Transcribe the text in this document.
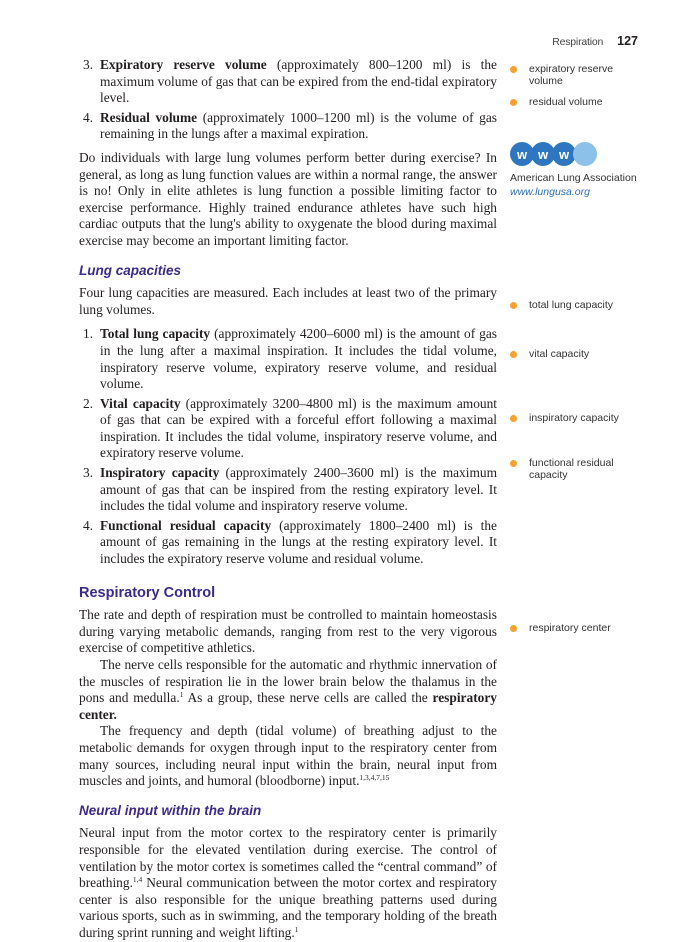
Respiration 127
3. Expiratory reserve volume (approximately 800–1200 ml) is the maximum volume of gas that can be expired from the end-tidal expiratory level.
4. Residual volume (approximately 1000–1200 ml) is the volume of gas remaining in the lungs after a maximal expiration.

Do individuals with large lung volumes perform better during exercise? In general, as long as lung function values are within a normal range, the answer is no! Only in elite athletes is lung function a possible limiting factor to exercise performance. Highly trained endurance athletes have such high cardiac outputs that the lung's ability to oxygenate the blood during maximal exercise may become an important limiting factor.

Lung capacities

Four lung capacities are measured. Each includes at least two of the primary lung volumes.

1. Total lung capacity (approximately 4200–6000 ml) is the amount of gas in the lung after a maximal inspiration. It includes the tidal volume, inspiratory reserve volume, expiratory reserve volume, and residual volume.
2. Vital capacity (approximately 3200–4800 ml) is the maximum amount of gas that can be expired with a forceful effort following a maximal inspiration. It includes the tidal volume, inspiratory reserve volume, and expiratory reserve volume.
3. Inspiratory capacity (approximately 2400–3600 ml) is the maximum amount of gas that can be inspired from the resting expiratory level. It includes the tidal volume and inspiratory reserve volume.
4. Functional residual capacity (approximately 1800–2400 ml) is the amount of gas remaining in the lungs at the resting expiratory level. It includes the expiratory reserve volume and residual volume.
Respiratory Control

The rate and depth of respiration must be controlled to maintain homeostasis during varying metabolic demands, ranging from rest to the very vigorous exercise of competitive athletics.

The nerve cells responsible for the automatic and rhythmic innervation of the muscles of respiration lie in the lower brain below the thalamus in the pons and medulla.$^1$ As a group, these nerve cells are called the respiratory center.

The frequency and depth (tidal volume) of breathing adjust to the metabolic demands for oxygen through input to the respiratory center from many sources, including neural input within the brain, neural input from muscles and joints, and humoral (bloodborne) input.$^{1,3,4,7,15}$

Neural input within the brain

Neural input from the motor cortex to the respiratory center is primarily responsible for the elevated ventilation during exercise. The control of ventilation by the motor cortex is sometimes called the “central command” of breathing.$^{1,4}$ Neural communication between the motor cortex and respiratory center is also responsible for the unique breathing patterns used during various sports, such as in swimming, and the temporary holding of the breath during sprint running and weight lifting.$^1$

expiratory reserve volume
residual volume
w w w
American Lung Association
www.lungusa.org
total lung capacity
vital capacity
inspiratory capacity
functional residual capacity
respiratory center
